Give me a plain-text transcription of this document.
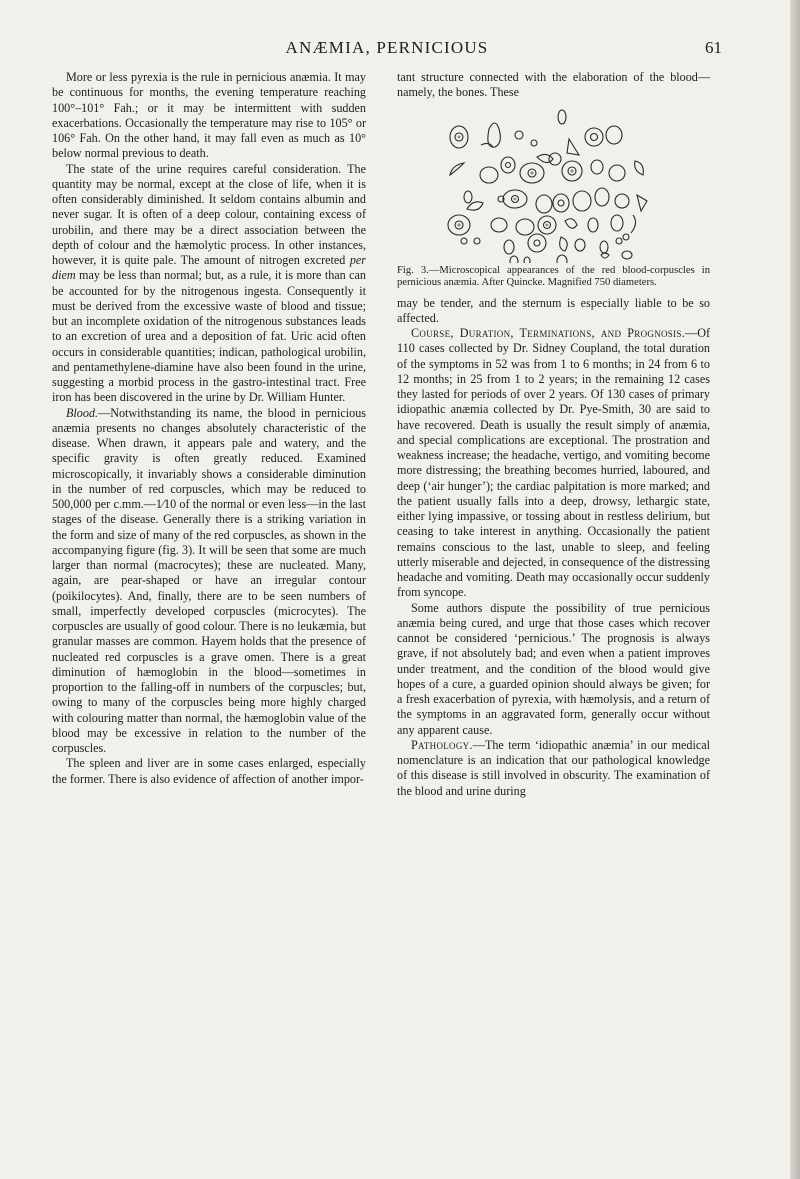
ANÆMIA, PERNICIOUS	61

More or less pyrexia is the rule in pernicious anæmia. It may be continuous for months, the evening temperature reaching 100°–101° Fah.; or it may be intermittent with sudden exacerbations. Occasionally the temperature may rise to 105° or 106° Fah. On the other hand, it may fall even as much as 10° below normal previous to death.

The state of the urine requires careful consideration. The quantity may be normal, except at the close of life, when it is often considerably diminished. It seldom contains albumin and never sugar. It is often of a deep colour, containing excess of urobilin, and there may be a direct association between the depth of colour and the hæmolytic process. In other instances, however, it is quite pale. The amount of nitrogen excreted per diem may be less than normal; but, as a rule, it is more than can be accounted for by the nitrogenous ingesta. Consequently it must be derived from the excessive waste of blood and tissue; but an incomplete oxidation of the nitrogenous substances leads to an excretion of urea and a deposition of fat. Uric acid often occurs in considerable quantities; indican, pathological urobilin, and pentamethylene-diamine have also been found in the urine, suggesting a morbid process in the gastro-intestinal tract. Free iron has been discovered in the urine by Dr. William Hunter.

Blood.—Notwithstanding its name, the blood in pernicious anæmia presents no changes absolutely characteristic of the disease. When drawn, it appears pale and watery, and the specific gravity is often greatly reduced. Examined microscopically, it invariably shows a considerable diminution in the number of red corpuscles, which may be reduced to 500,000 per c.mm.—1⁄10 of the normal or even less—in the last stages of the disease. Generally there is a striking variation in the form and size of many of the red corpuscles, as shown in the accompanying figure (fig. 3). It will be seen that some are much larger than normal (macrocytes); these are nucleated. Many, again, are pear-shaped or have an irregular contour (poikilocytes). And, finally, there are to be seen numbers of small, imperfectly developed corpuscles (microcytes). The corpuscles are usually of good colour. There is no leukæmia, but granular masses are common. Hayem holds that the presence of nucleated red corpuscles is a grave omen. There is a great diminution of hæmoglobin in the blood—sometimes in proportion to the falling-off in numbers of the corpuscles; but, owing to many of the corpuscles being more highly charged with colouring matter than normal, the hæmoglobin value of the blood may be excessive in relation to the number of the corpuscles.

The spleen and liver are in some cases enlarged, especially the former. There is also evidence of affection of another impor-

tant structure connected with the elaboration of the blood—namely, the bones. These

Fig. 3.—Microscopical appearances of the red blood-corpuscles in pernicious anæmia. After Quincke. Magnified 750 diameters.

may be tender, and the sternum is especially liable to be so affected.

Course, Duration, Terminations, and Prognosis.—Of 110 cases collected by Dr. Sidney Coupland, the total duration of the symptoms in 52 was from 1 to 6 months; in 24 from 6 to 12 months; in 25 from 1 to 2 years; in the remaining 12 cases they lasted for periods of over 2 years. Of 130 cases of primary idiopathic anæmia collected by Dr. Pye-Smith, 30 are said to have recovered. Death is usually the result simply of anæmia, and special complications are exceptional. The prostration and weakness increase; the headache, vertigo, and vomiting become more distressing; the breathing becomes hurried, laboured, and deep (‘air hunger’); the cardiac palpitation is more marked; and the patient usually falls into a deep, drowsy, lethargic state, either lying impassive, or tossing about in restless delirium, but ceasing to take interest in anything. Occasionally the patient remains conscious to the last, unable to sleep, and feeling utterly miserable and dejected, in consequence of the distressing headache and vomiting. Death may occasionally occur suddenly from syncope.

Some authors dispute the possibility of true pernicious anæmia being cured, and urge that those cases which recover cannot be considered ‘pernicious.’ The prognosis is always grave, if not absolutely bad; and even when a patient improves under treatment, and the condition of the blood would give hopes of a cure, a guarded opinion should always be given; for a fresh exacerbation of pyrexia, with hæmolysis, and a return of the symptoms in an aggravated form, generally occur without any apparent cause.

Pathology.—The term ‘idiopathic anæmia’ in our medical nomenclature is an indication that our pathological knowledge of this disease is still involved in obscurity. The examination of the blood and urine during
